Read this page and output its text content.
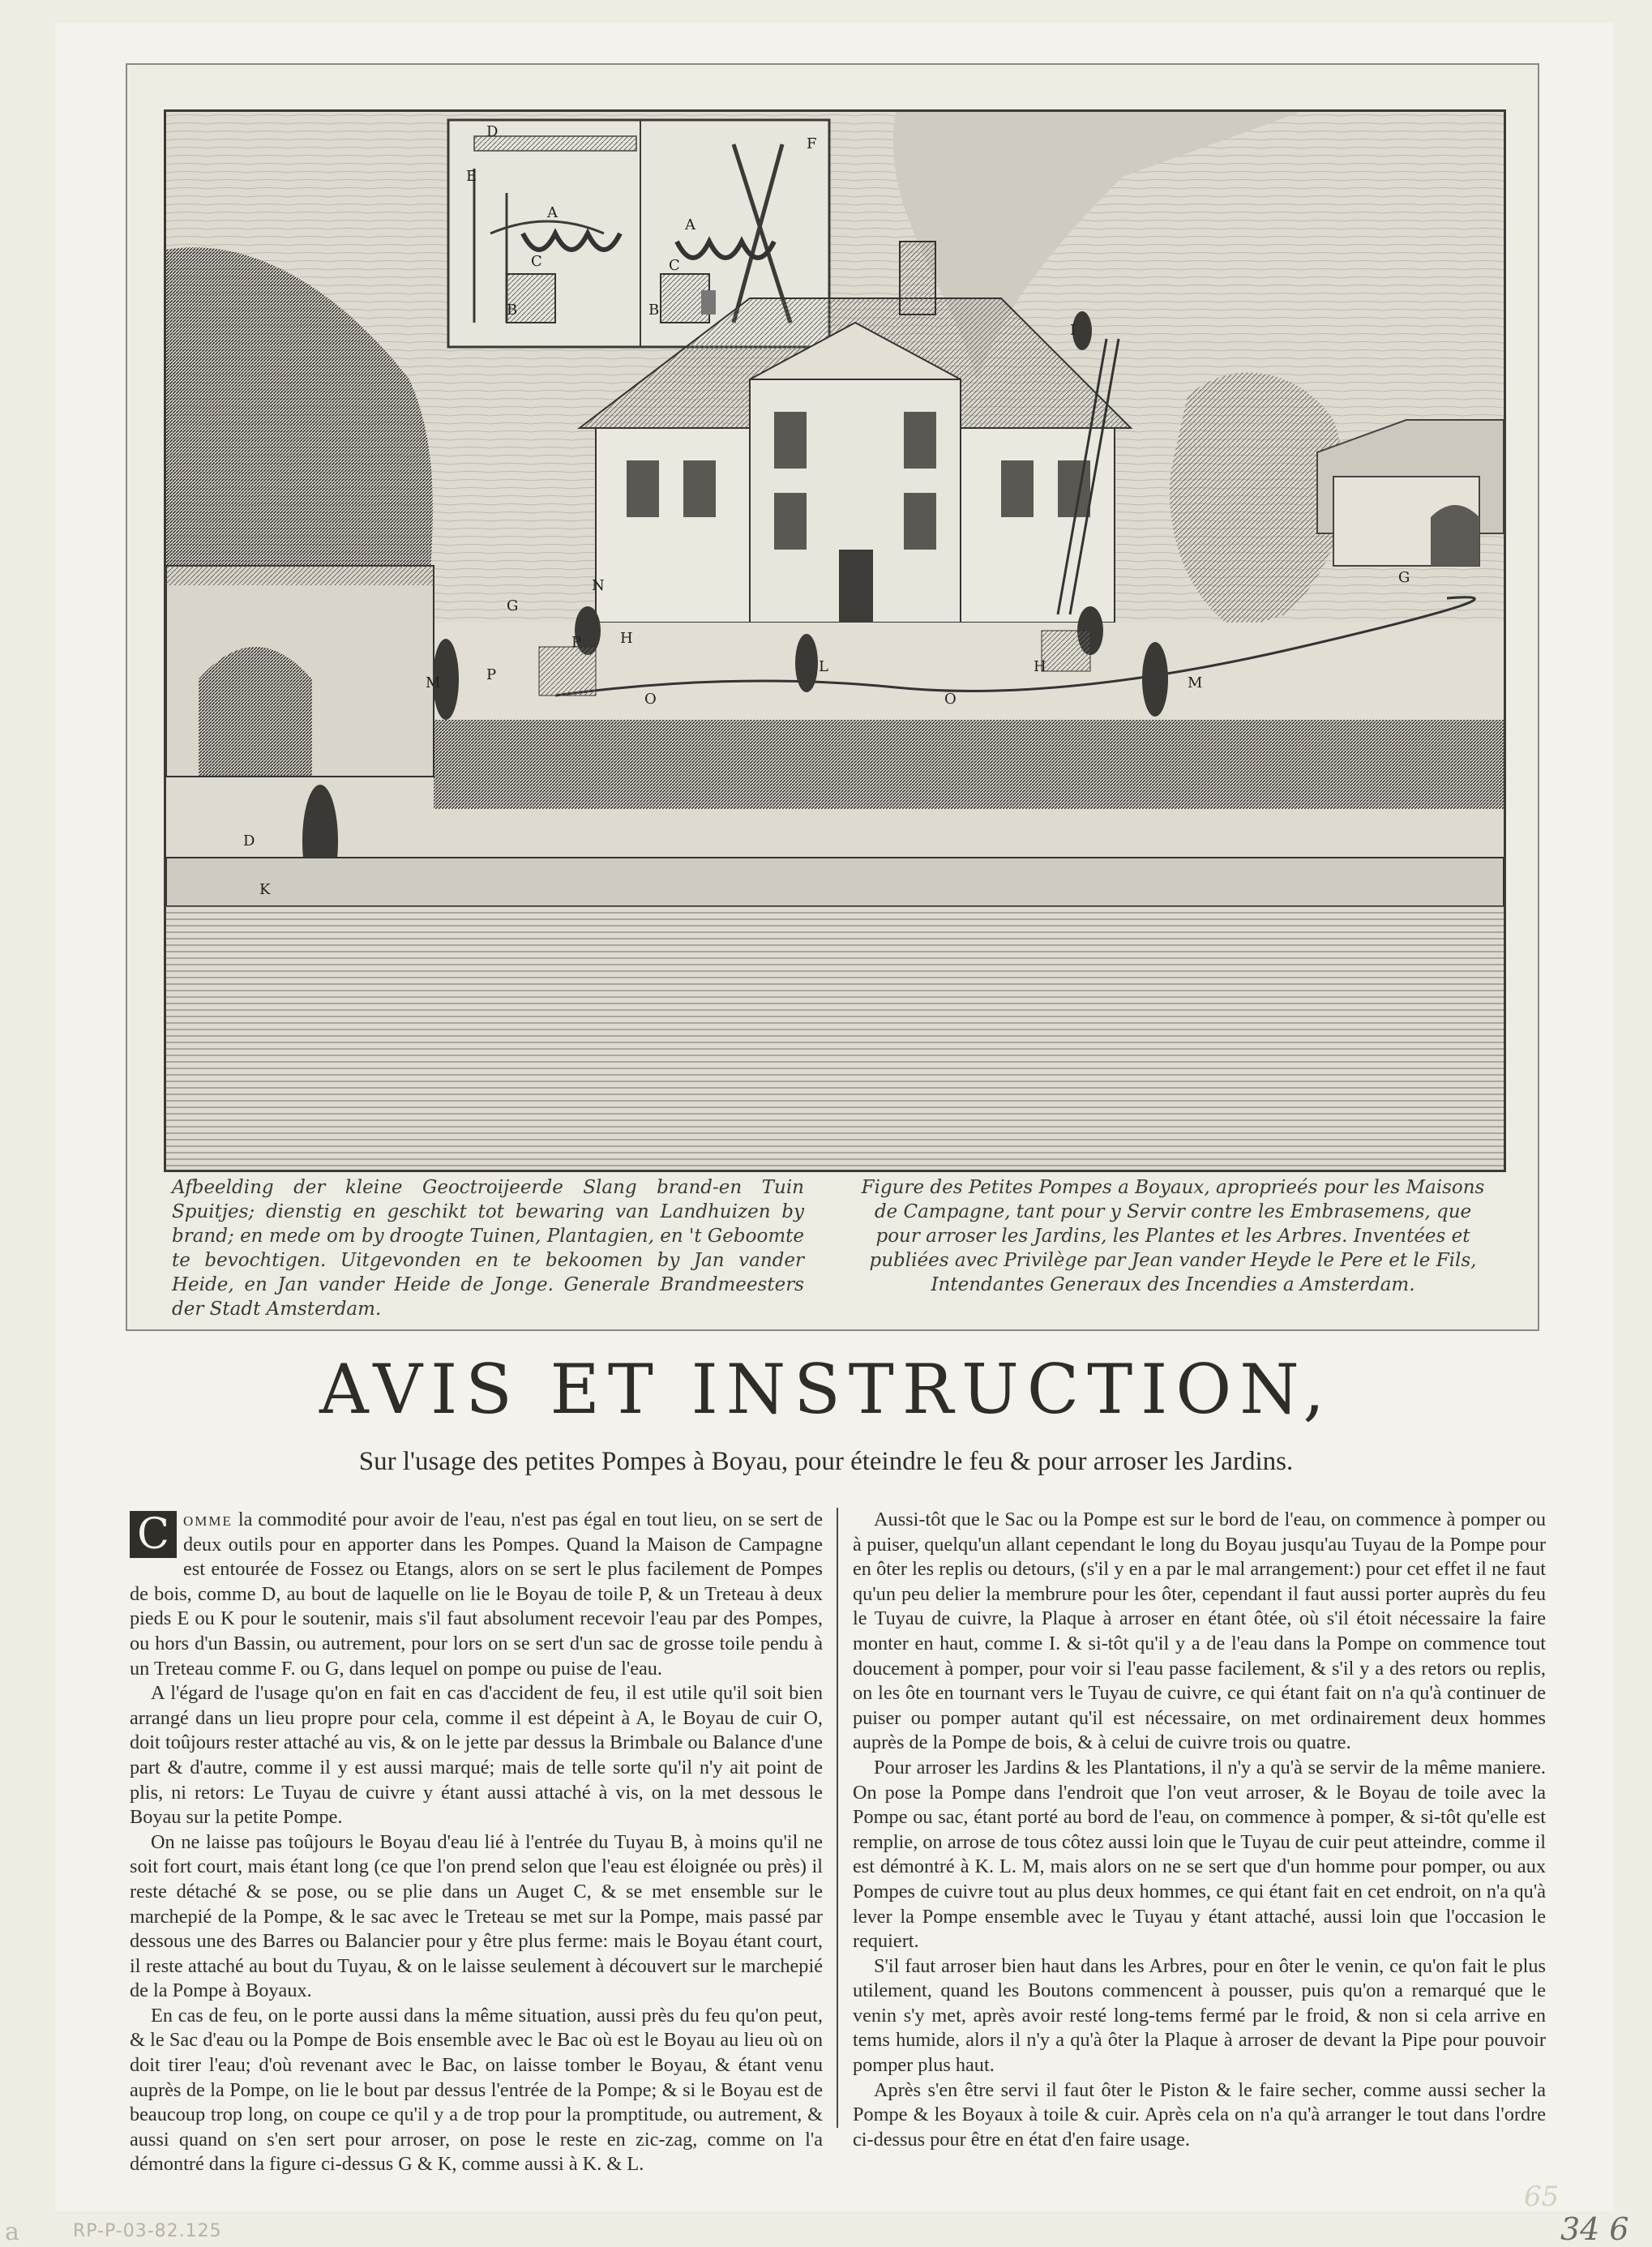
D
E
F
A
C
B
A
C
B
I
G
N
P	H
L	H
O
P
O
M
M
G
D
K
Afbeelding der kleine Geoctroijeerde Slang brand-en Tuin Spuitjes; dienstig en geschikt tot bewaring van Landhuizen by brand; en mede om by droogte Tuinen, Plantagien, en 't Geboomte te bevochtigen. Uitgevonden en te bekoomen by Jan vander Heide, en Jan vander Heide de Jonge. Generale Brandmeesters der Stadt Amsterdam.
Figure des Petites Pompes a Boyaux, aproprieés pour les Maisons de Campagne, tant pour y Servir contre les Embrasemens, que pour arroser les Jardins, les Plantes et les Arbres. Inventées et publiées avec Privilège par Jean vander Heyde le Pere et le Fils, Intendantes Generaux des Incendies a Amsterdam.
AVIS ET INSTRUCTION,
Sur l'usage des petites Pompes à Boyau, pour éteindre le feu & pour arroser les Jardins.

C omme la commodité pour avoir de l'eau, n'est pas égal en tout lieu, on se sert de deux outils pour en apporter dans les Pompes. Quand la Maison de Campagne est entourée de Fossez ou Etangs, alors on se sert le plus facilement de Pompes de bois, comme D, au bout de laquelle on lie le Boyau de toile P, & un Treteau à deux pieds E ou K pour le soutenir, mais s'il faut absolument recevoir l'eau par des Pompes, ou hors d'un Bassin, ou autrement, pour lors on se sert d'un sac de grosse toile pendu à un Treteau comme F. ou G, dans lequel on pompe ou puise de l'eau.

A l'égard de l'usage qu'on en fait en cas d'accident de feu, il est utile qu'il soit bien arrangé dans un lieu propre pour cela, comme il est dépeint à A, le Boyau de cuir O, doit toûjours rester attaché au vis, & on le jette par dessus la Brimbale ou Balance d'une part & d'autre, comme il y est aussi marqué; mais de telle sorte qu'il n'y ait point de plis, ni retors: Le Tuyau de cuivre y étant aussi attaché à vis, on la met dessous le Boyau sur la petite Pompe.

On ne laisse pas toûjours le Boyau d'eau lié à l'entrée du Tuyau B, à moins qu'il ne soit fort court, mais étant long (ce que l'on prend selon que l'eau est éloignée ou près) il reste détaché & se pose, ou se plie dans un Auget C, & se met ensemble sur le marchepié de la Pompe, & le sac avec le Treteau se met sur la Pompe, mais passé par dessous une des Barres ou Balancier pour y être plus ferme: mais le Boyau étant court, il reste attaché au bout du Tuyau, & on le laisse seulement à découvert sur le marchepié de la Pompe à Boyaux.

En cas de feu, on le porte aussi dans la même situation, aussi près du feu qu'on peut, & le Sac d'eau ou la Pompe de Bois ensemble avec le Bac où est le Boyau au lieu où on doit tirer l'eau; d'où revenant avec le Bac, on laisse tomber le Boyau, & étant venu auprès de la Pompe, on lie le bout par dessus l'entrée de la Pompe; & si le Boyau est de beaucoup trop long, on coupe ce qu'il y a de trop pour la promptitude, ou autrement, & aussi quand on s'en sert pour arroser, on pose le reste en zic-zag, comme on l'a démontré dans la figure ci-dessus G & K, comme aussi à K. & L.

Aussi-tôt que le Sac ou la Pompe est sur le bord de l'eau, on commence à pomper ou à puiser, quelqu'un allant cependant le long du Boyau jusqu'au Tuyau de la Pompe pour en ôter les replis ou detours, (s'il y en a par le mal arrangement:) pour cet effet il ne faut qu'un peu delier la membrure pour les ôter, cependant il faut aussi porter auprès du feu le Tuyau de cuivre, la Plaque à arroser en étant ôtée, où s'il étoit nécessaire la faire monter en haut, comme I. & si-tôt qu'il y a de l'eau dans la Pompe on commence tout doucement à pomper, pour voir si l'eau passe facilement, & s'il y a des retors ou replis, on les ôte en tournant vers le Tuyau de cuivre, ce qui étant fait on n'a qu'à continuer de puiser ou pomper autant qu'il est nécessaire, on met ordinairement deux hommes auprès de la Pompe de bois, & à celui de cuivre trois ou quatre.

Pour arroser les Jardins & les Plantations, il n'y a qu'à se servir de la même maniere. On pose la Pompe dans l'endroit que l'on veut arroser, & le Boyau de toile avec la Pompe ou sac, étant porté au bord de l'eau, on commence à pomper, & si-tôt qu'elle est remplie, on arrose de tous côtez aussi loin que le Tuyau de cuir peut atteindre, comme il est démontré à K. L. M, mais alors on ne se sert que d'un homme pour pomper, ou aux Pompes de cuivre tout au plus deux hommes, ce qui étant fait en cet endroit, on n'a qu'à lever la Pompe ensemble avec le Tuyau y étant attaché, aussi loin que l'occasion le requiert.

S'il faut arroser bien haut dans les Arbres, pour en ôter le venin, ce qu'on fait le plus utilement, quand les Boutons commencent à pousser, puis qu'on a remarqué que le venin s'y met, après avoir resté long-tems fermé par le froid, & non si cela arrive en tems humide, alors il n'y a qu'à ôter la Plaque à arroser de devant la Pipe pour pouvoir pomper plus haut.

Après s'en être servi il faut ôter le Piston & le faire secher, comme aussi secher la Pompe & les Boyaux à toile & cuir. Après cela on n'a qu'à arranger le tout dans l'ordre ci-dessus pour être en état d'en faire usage.

a	RP-P-03-82.125
65
34 6
